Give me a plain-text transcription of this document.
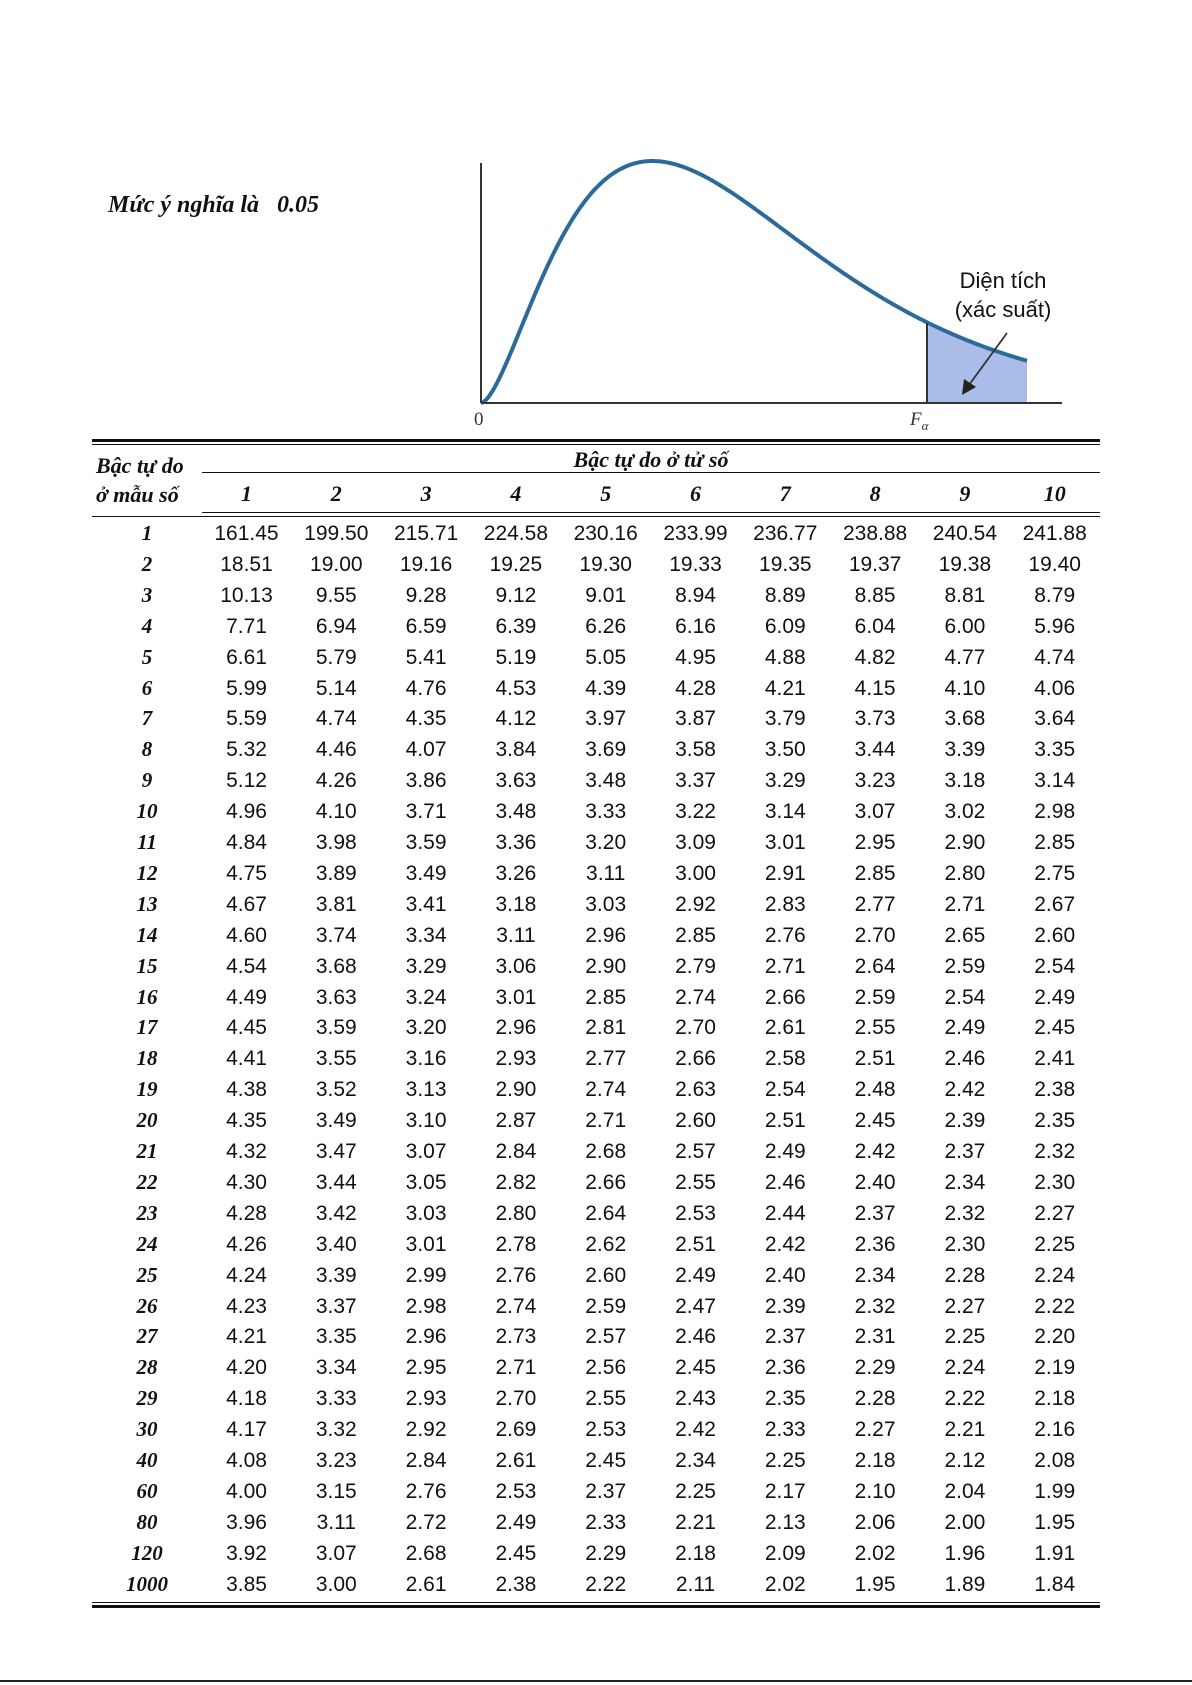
Mức ý nghĩa là   0.05
Diện tích
(xác suất)
0	$F_\alpha$
Bậc tự do
ở mẫu số
Bậc tự do ở tử số
1	2	3	4	5	6	7	8	9	10
1	161.45	199.50	215.71	224.58	230.16	233.99	236.77	238.88	240.54	241.88
2	18.51	19.00	19.16	19.25	19.30	19.33	19.35	19.37	19.38	19.40
3	10.13	9.55	9.28	9.12	9.01	8.94	8.89	8.85	8.81	8.79
4	7.71	6.94	6.59	6.39	6.26	6.16	6.09	6.04	6.00	5.96
5	6.61	5.79	5.41	5.19	5.05	4.95	4.88	4.82	4.77	4.74
6	5.99	5.14	4.76	4.53	4.39	4.28	4.21	4.15	4.10	4.06
7	5.59	4.74	4.35	4.12	3.97	3.87	3.79	3.73	3.68	3.64
8	5.32	4.46	4.07	3.84	3.69	3.58	3.50	3.44	3.39	3.35
9	5.12	4.26	3.86	3.63	3.48	3.37	3.29	3.23	3.18	3.14
10	4.96	4.10	3.71	3.48	3.33	3.22	3.14	3.07	3.02	2.98
11	4.84	3.98	3.59	3.36	3.20	3.09	3.01	2.95	2.90	2.85
12	4.75	3.89	3.49	3.26	3.11	3.00	2.91	2.85	2.80	2.75
13	4.67	3.81	3.41	3.18	3.03	2.92	2.83	2.77	2.71	2.67
14	4.60	3.74	3.34	3.11	2.96	2.85	2.76	2.70	2.65	2.60
15	4.54	3.68	3.29	3.06	2.90	2.79	2.71	2.64	2.59	2.54
16	4.49	3.63	3.24	3.01	2.85	2.74	2.66	2.59	2.54	2.49
17	4.45	3.59	3.20	2.96	2.81	2.70	2.61	2.55	2.49	2.45
18	4.41	3.55	3.16	2.93	2.77	2.66	2.58	2.51	2.46	2.41
19	4.38	3.52	3.13	2.90	2.74	2.63	2.54	2.48	2.42	2.38
20	4.35	3.49	3.10	2.87	2.71	2.60	2.51	2.45	2.39	2.35
21	4.32	3.47	3.07	2.84	2.68	2.57	2.49	2.42	2.37	2.32
22	4.30	3.44	3.05	2.82	2.66	2.55	2.46	2.40	2.34	2.30
23	4.28	3.42	3.03	2.80	2.64	2.53	2.44	2.37	2.32	2.27
24	4.26	3.40	3.01	2.78	2.62	2.51	2.42	2.36	2.30	2.25
25	4.24	3.39	2.99	2.76	2.60	2.49	2.40	2.34	2.28	2.24
26	4.23	3.37	2.98	2.74	2.59	2.47	2.39	2.32	2.27	2.22
27	4.21	3.35	2.96	2.73	2.57	2.46	2.37	2.31	2.25	2.20
28	4.20	3.34	2.95	2.71	2.56	2.45	2.36	2.29	2.24	2.19
29	4.18	3.33	2.93	2.70	2.55	2.43	2.35	2.28	2.22	2.18
30	4.17	3.32	2.92	2.69	2.53	2.42	2.33	2.27	2.21	2.16
40	4.08	3.23	2.84	2.61	2.45	2.34	2.25	2.18	2.12	2.08
60	4.00	3.15	2.76	2.53	2.37	2.25	2.17	2.10	2.04	1.99
80	3.96	3.11	2.72	2.49	2.33	2.21	2.13	2.06	2.00	1.95
120	3.92	3.07	2.68	2.45	2.29	2.18	2.09	2.02	1.96	1.91
1000	3.85	3.00	2.61	2.38	2.22	2.11	2.02	1.95	1.89	1.84
